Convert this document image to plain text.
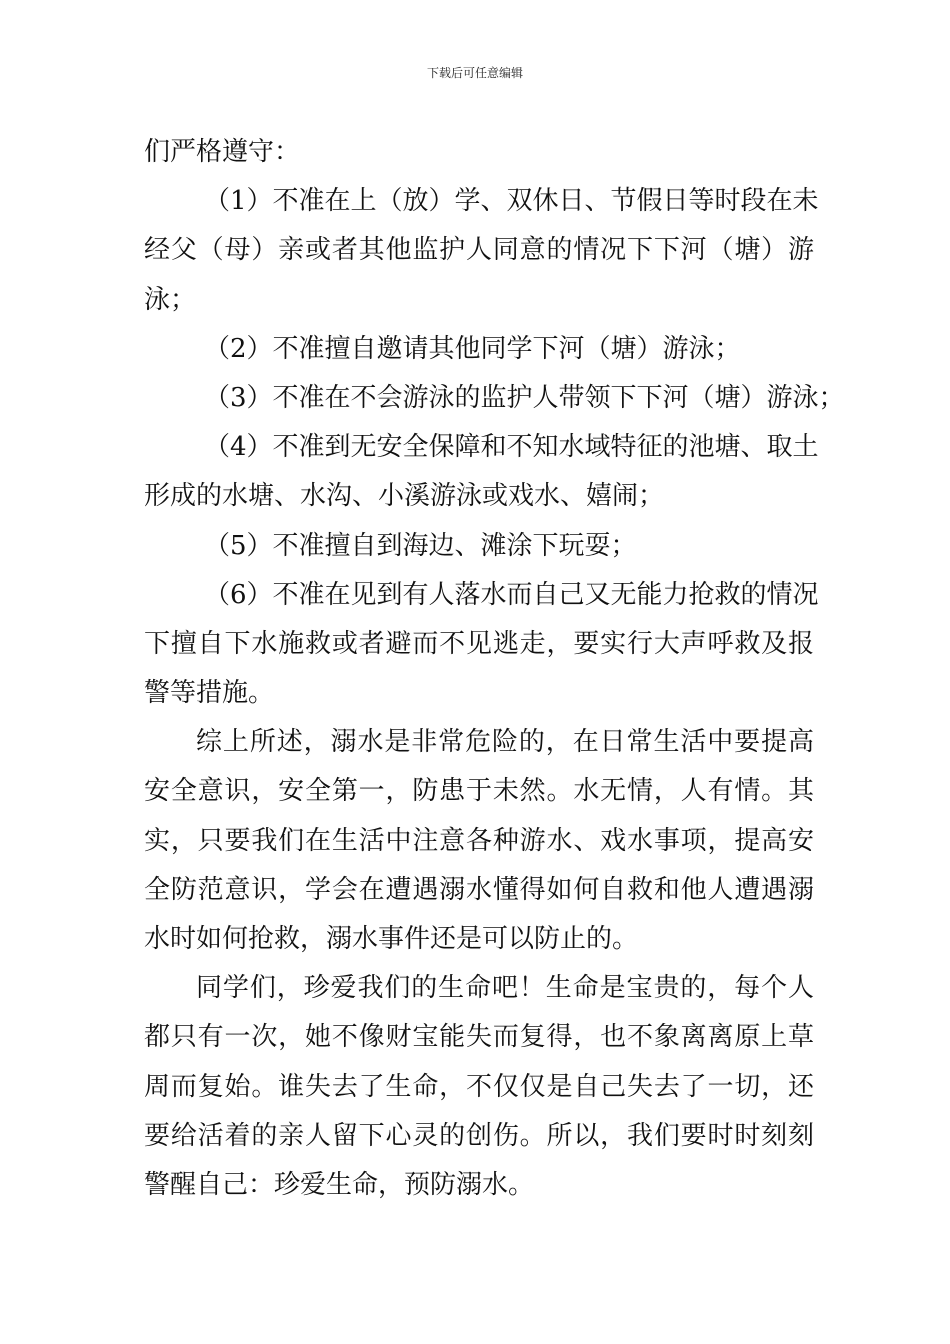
下载后可任意编辑
们严格遵守：
（1）不准在上（放）学、双休日、节假日等时段在未
经父（母）亲或者其他监护人同意的情况下下河（塘）游
泳；
（2）不准擅自邀请其他同学下河（塘）游泳；
（3）不准在不会游泳的监护人带领下下河（塘）游泳；
（4）不准到无安全保障和不知水域特征的池塘、取土
形成的水塘、水沟、小溪游泳或戏水、嬉闹；
（5）不准擅自到海边、滩涂下玩耍；
（6）不准在见到有人落水而自己又无能力抢救的情况
下擅自下水施救或者避而不见逃走，要实行大声呼救及报
警等措施。
综上所述，溺水是非常危险的，在日常生活中要提高
安全意识，安全第一，防患于未然。水无情，人有情。其
实，只要我们在生活中注意各种游水、戏水事项，提高安
全防范意识，学会在遭遇溺水懂得如何自救和他人遭遇溺
水时如何抢救，溺水事件还是可以防止的。
同学们，珍爱我们的生命吧！生命是宝贵的，每个人
都只有一次，她不像财宝能失而复得，也不象离离原上草
周而复始。谁失去了生命，不仅仅是自己失去了一切，还
要给活着的亲人留下心灵的创伤。所以，我们要时时刻刻
警醒自己：珍爱生命，预防溺水。
